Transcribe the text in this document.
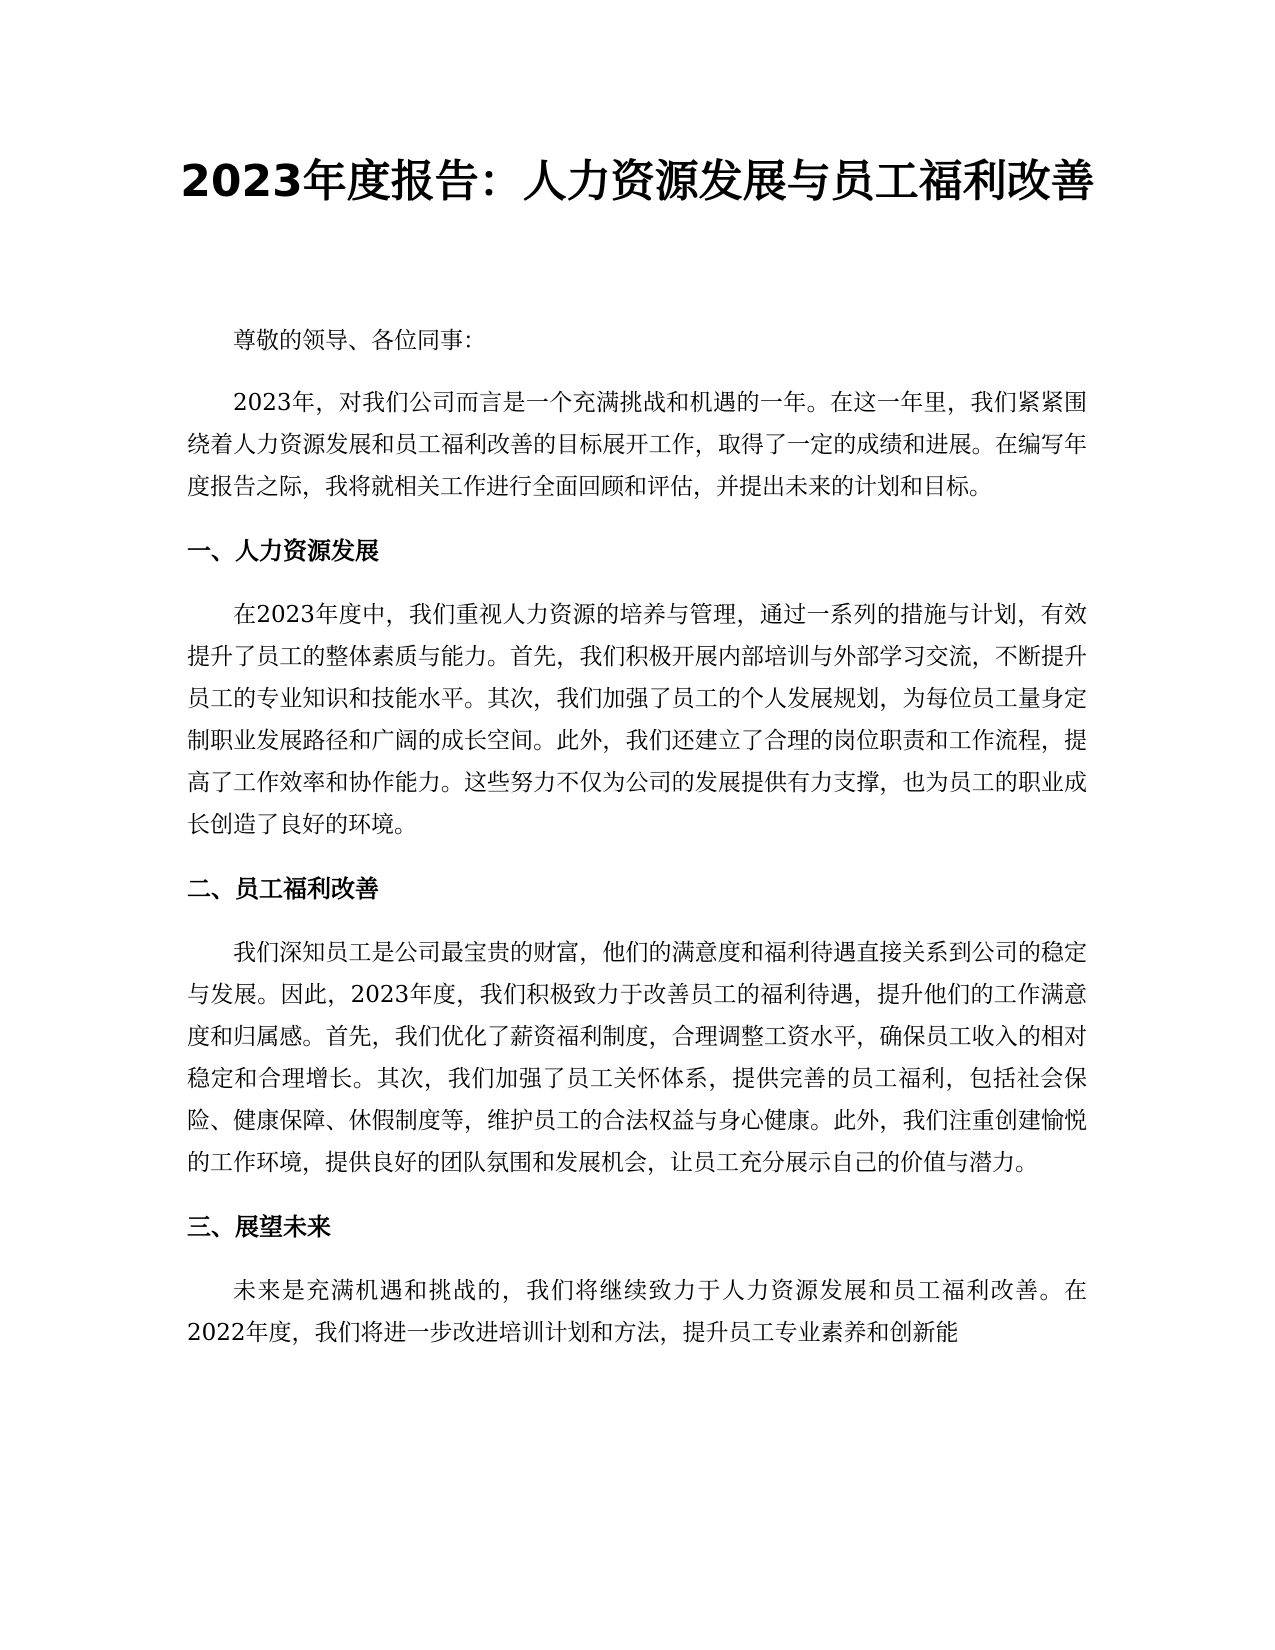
2023年度报告：人力资源发展与员工福利改善

尊敬的领导、各位同事：

2023年，对我们公司而言是一个充满挑战和机遇的一年。在这一年里，我们紧紧围绕着人力资源发展和员工福利改善的目标展开工作，取得了一定的成绩和进展。在编写年度报告之际，我将就相关工作进行全面回顾和评估，并提出未来的计划和目标。

一、人力资源发展

在2023年度中，我们重视人力资源的培养与管理，通过一系列的措施与计划，有效提升了员工的整体素质与能力。首先，我们积极开展内部培训与外部学习交流，不断提升员工的专业知识和技能水平。其次，我们加强了员工的个人发展规划，为每位员工量身定制职业发展路径和广阔的成长空间。此外，我们还建立了合理的岗位职责和工作流程，提高了工作效率和协作能力。这些努力不仅为公司的发展提供有力支撑，也为员工的职业成长创造了良好的环境。

二、员工福利改善

我们深知员工是公司最宝贵的财富，他们的满意度和福利待遇直接关系到公司的稳定与发展。因此，2023年度，我们积极致力于改善员工的福利待遇，提升他们的工作满意度和归属感。首先，我们优化了薪资福利制度，合理调整工资水平，确保员工收入的相对稳定和合理增长。其次，我们加强了员工关怀体系，提供完善的员工福利，包括社会保险、健康保障、休假制度等，维护员工的合法权益与身心健康。此外，我们注重创建愉悦的工作环境，提供良好的团队氛围和发展机会，让员工充分展示自己的价值与潜力。

三、展望未来

未来是充满机遇和挑战的，我们将继续致力于人力资源发展和员工福利改善。在2022年度，我们将进一步改进培训计划和方法，提升员工专业素养和创新能
